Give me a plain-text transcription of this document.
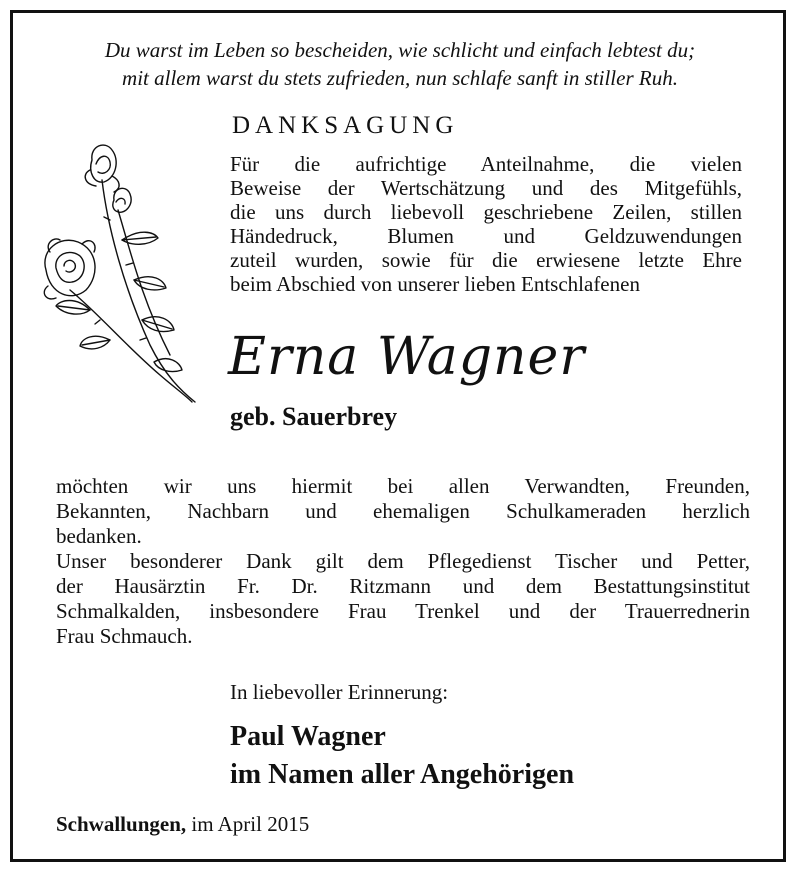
Du warst im Leben so bescheiden, wie schlicht und einfach lebtest du;
mit allem warst du stets zufrieden, nun schlafe sanft in stiller Ruh.
DANKSAGUNG
Für die aufrichtige Anteilnahme, die vielen
Beweise der Wertschätzung und des Mitgefühls,
die uns durch liebevoll geschriebene Zeilen, stillen
Händedruck, Blumen und Geldzuwendungen
zuteil wurden, sowie für die erwiesene letzte Ehre
beim Abschied von unserer lieben Entschlafenen
Erna Wagner
geb. Sauerbrey
möchten wir uns hiermit bei allen Verwandten, Freunden,
Bekannten, Nachbarn und ehemaligen Schulkameraden herzlich
bedanken.
Unser besonderer Dank gilt dem Pflegedienst Tischer und Petter,
der Hausärztin Fr. Dr. Ritzmann und dem Bestattungsinstitut
Schmalkalden, insbesondere Frau Trenkel und der Trauerrednerin
Frau Schmauch.
In liebevoller Erinnerung:
Paul Wagner
im Namen aller Angehörigen
Schwallungen, im April 2015
